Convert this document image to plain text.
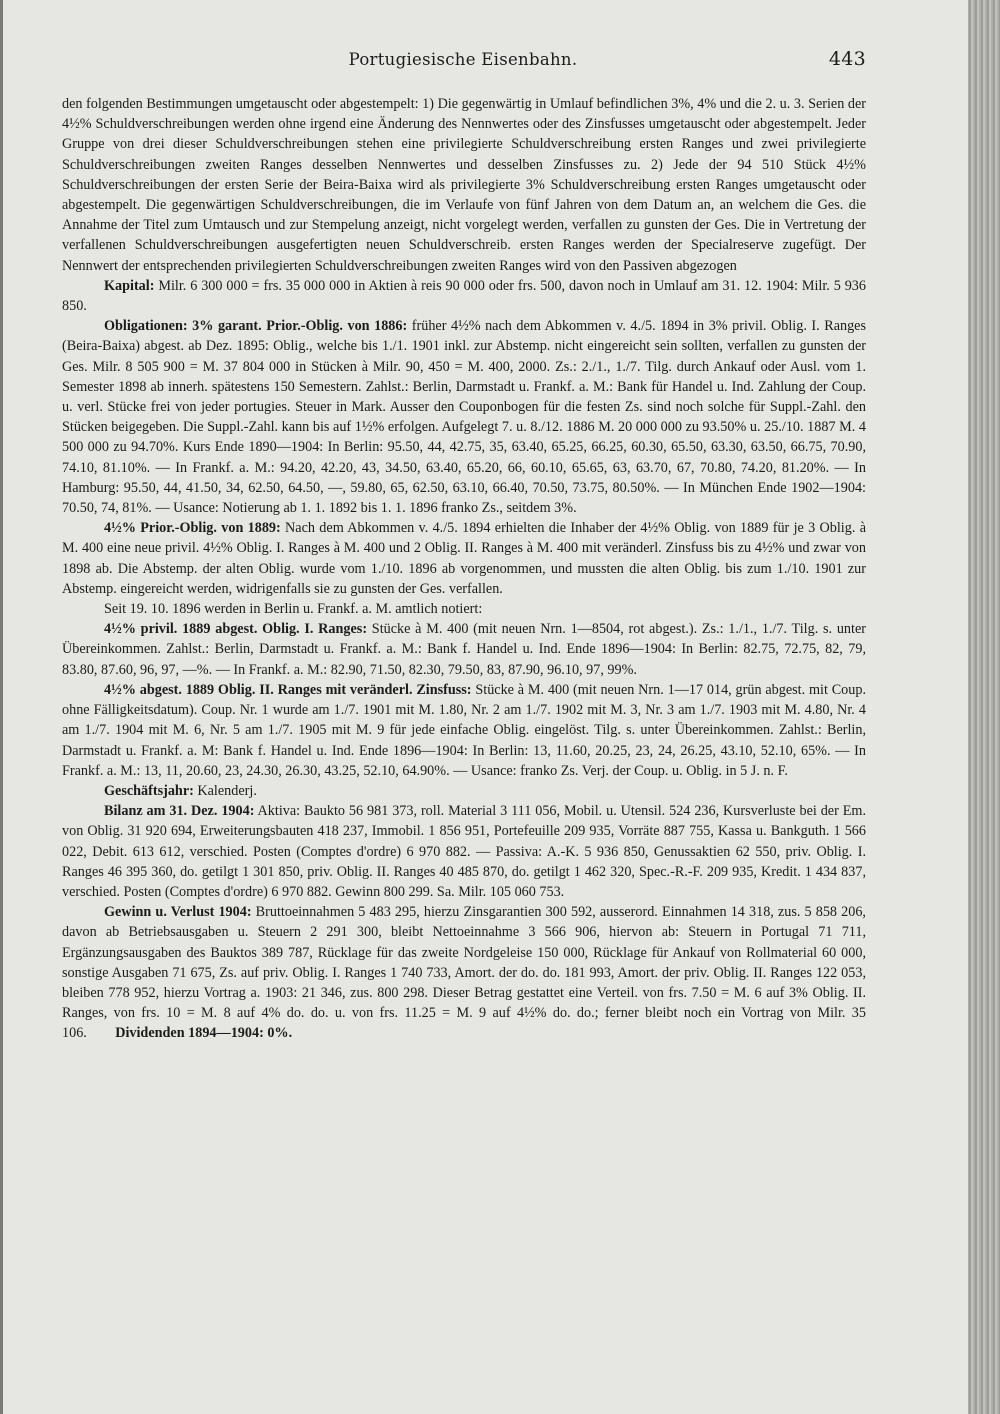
Portugiesische Eisenbahn.	443

den folgenden Bestimmungen umgetauscht oder abgestempelt: 1) Die gegenwärtig in Umlauf befindlichen 3%, 4% und die 2. u. 3. Serien der 4½% Schuldverschreibungen werden ohne irgend eine Änderung des Nennwertes oder des Zinsfusses umgetauscht oder abgestempelt. Jeder Gruppe von drei dieser Schuldverschreibungen stehen eine privilegierte Schuldverschreibung ersten Ranges und zwei privilegierte Schuldverschreibungen zweiten Ranges desselben Nennwertes und desselben Zinsfusses zu. 2) Jede der 94 510 Stück 4½% Schuldverschreibungen der ersten Serie der Beira-Baixa wird als privilegierte 3% Schuldverschreibung ersten Ranges umgetauscht oder abgestempelt. Die gegenwärtigen Schuldverschreibungen, die im Verlaufe von fünf Jahren von dem Datum an, an welchem die Ges. die Annahme der Titel zum Umtausch und zur Stempelung anzeigt, nicht vorgelegt werden, verfallen zu gunsten der Ges. Die in Vertretung der verfallenen Schuldverschreibungen ausgefertigten neuen Schuldverschreib. ersten Ranges werden der Specialreserve zugefügt. Der Nennwert der entsprechenden privilegierten Schuldverschreibungen zweiten Ranges wird von den Passiven abgezogen

Kapital: Milr. 6 300 000 = frs. 35 000 000 in Aktien à reis 90 000 oder frs. 500, davon noch in Umlauf am 31. 12. 1904: Milr. 5 936 850.

Obligationen: 3% garant. Prior.-Oblig. von 1886: früher 4½% nach dem Abkommen v. 4./5. 1894 in 3% privil. Oblig. I. Ranges (Beira-Baixa) abgest. ab Dez. 1895: Oblig., welche bis 1./1. 1901 inkl. zur Abstemp. nicht eingereicht sein sollten, verfallen zu gunsten der Ges. Milr. 8 505 900 = M. 37 804 000 in Stücken à Milr. 90, 450 = M. 400, 2000. Zs.: 2./1., 1./7. Tilg. durch Ankauf oder Ausl. vom 1. Semester 1898 ab innerh. spätestens 150 Semestern. Zahlst.: Berlin, Darmstadt u. Frankf. a. M.: Bank für Handel u. Ind. Zahlung der Coup. u. verl. Stücke frei von jeder portugies. Steuer in Mark. Ausser den Couponbogen für die festen Zs. sind noch solche für Suppl.-Zahl. den Stücken beigegeben. Die Suppl.-Zahl. kann bis auf 1½% erfolgen. Aufgelegt 7. u. 8./12. 1886 M. 20 000 000 zu 93.50% u. 25./10. 1887 M. 4 500 000 zu 94.70%. Kurs Ende 1890—1904: In Berlin: 95.50, 44, 42.75, 35, 63.40, 65.25, 66.25, 60.30, 65.50, 63.30, 63.50, 66.75, 70.90, 74.10, 81.10%. — In Frankf. a. M.: 94.20, 42.20, 43, 34.50, 63.40, 65.20, 66, 60.10, 65.65, 63, 63.70, 67, 70.80, 74.20, 81.20%. — In Hamburg: 95.50, 44, 41.50, 34, 62.50, 64.50, —, 59.80, 65, 62.50, 63.10, 66.40, 70.50, 73.75, 80.50%. — In München Ende 1902—1904: 70.50, 74, 81%. — Usance: Notierung ab 1. 1. 1892 bis 1. 1. 1896 franko Zs., seitdem 3%.

4½% Prior.-Oblig. von 1889: Nach dem Abkommen v. 4./5. 1894 erhielten die Inhaber der 4½% Oblig. von 1889 für je 3 Oblig. à M. 400 eine neue privil. 4½% Oblig. I. Ranges à M. 400 und 2 Oblig. II. Ranges à M. 400 mit veränderl. Zinsfuss bis zu 4½% und zwar von 1898 ab. Die Abstemp. der alten Oblig. wurde vom 1./10. 1896 ab vorgenommen, und mussten die alten Oblig. bis zum 1./10. 1901 zur Abstemp. eingereicht werden, widrigenfalls sie zu gunsten der Ges. verfallen.

Seit 19. 10. 1896 werden in Berlin u. Frankf. a. M. amtlich notiert:

4½% privil. 1889 abgest. Oblig. I. Ranges: Stücke à M. 400 (mit neuen Nrn. 1—8504, rot abgest.). Zs.: 1./1., 1./7. Tilg. s. unter Übereinkommen. Zahlst.: Berlin, Darmstadt u. Frankf. a. M.: Bank f. Handel u. Ind. Ende 1896—1904: In Berlin: 82.75, 72.75, 82, 79, 83.80, 87.60, 96, 97, —%. — In Frankf. a. M.: 82.90, 71.50, 82.30, 79.50, 83, 87.90, 96.10, 97, 99%.

4½% abgest. 1889 Oblig. II. Ranges mit veränderl. Zinsfuss: Stücke à M. 400 (mit neuen Nrn. 1—17 014, grün abgest. mit Coup. ohne Fälligkeitsdatum). Coup. Nr. 1 wurde am 1./7. 1901 mit M. 1.80, Nr. 2 am 1./7. 1902 mit M. 3, Nr. 3 am 1./7. 1903 mit M. 4.80, Nr. 4 am 1./7. 1904 mit M. 6, Nr. 5 am 1./7. 1905 mit M. 9 für jede einfache Oblig. eingelöst. Tilg. s. unter Übereinkommen. Zahlst.: Berlin, Darmstadt u. Frankf. a. M: Bank f. Handel u. Ind. Ende 1896—1904: In Berlin: 13, 11.60, 20.25, 23, 24, 26.25, 43.10, 52.10, 65%. — In Frankf. a. M.: 13, 11, 20.60, 23, 24.30, 26.30, 43.25, 52.10, 64.90%. — Usance: franko Zs. Verj. der Coup. u. Oblig. in 5 J. n. F.

Geschäftsjahr: Kalenderj.

Bilanz am 31. Dez. 1904: Aktiva: Baukto 56 981 373, roll. Material 3 111 056, Mobil. u. Utensil. 524 236, Kursverluste bei der Em. von Oblig. 31 920 694, Erweiterungsbauten 418 237, Immobil. 1 856 951, Portefeuille 209 935, Vorräte 887 755, Kassa u. Bankguth. 1 566 022, Debit. 613 612, verschied. Posten (Comptes d'ordre) 6 970 882. — Passiva: A.-K. 5 936 850, Genussaktien 62 550, priv. Oblig. I. Ranges 46 395 360, do. getilgt 1 301 850, priv. Oblig. II. Ranges 40 485 870, do. getilgt 1 462 320, Spec.-R.-F. 209 935, Kredit. 1 434 837, verschied. Posten (Comptes d'ordre) 6 970 882. Gewinn 800 299. Sa. Milr. 105 060 753.

Gewinn u. Verlust 1904: Bruttoeinnahmen 5 483 295, hierzu Zinsgarantien 300 592, ausserord. Einnahmen 14 318, zus. 5 858 206, davon ab Betriebsausgaben u. Steuern 2 291 300, bleibt Nettoeinnahme 3 566 906, hiervon ab: Steuern in Portugal 71 711, Ergänzungsausgaben des Bauktos 389 787, Rücklage für das zweite Nordgeleise 150 000, Rücklage für Ankauf von Rollmaterial 60 000, sonstige Ausgaben 71 675, Zs. auf priv. Oblig. I. Ranges 1 740 733, Amort. der do. do. 181 993, Amort. der priv. Oblig. II. Ranges 122 053, bleiben 778 952, hierzu Vortrag a. 1903: 21 346, zus. 800 298. Dieser Betrag gestattet eine Verteil. von frs. 7.50 = M. 6 auf 3% Oblig. II. Ranges, von frs. 10 = M. 8 auf 4% do. do. u. von frs. 11.25 = M. 9 auf 4½% do. do.; ferner bleibt noch ein Vortrag von Milr. 35 106. Dividenden 1894—1904: 0%.
